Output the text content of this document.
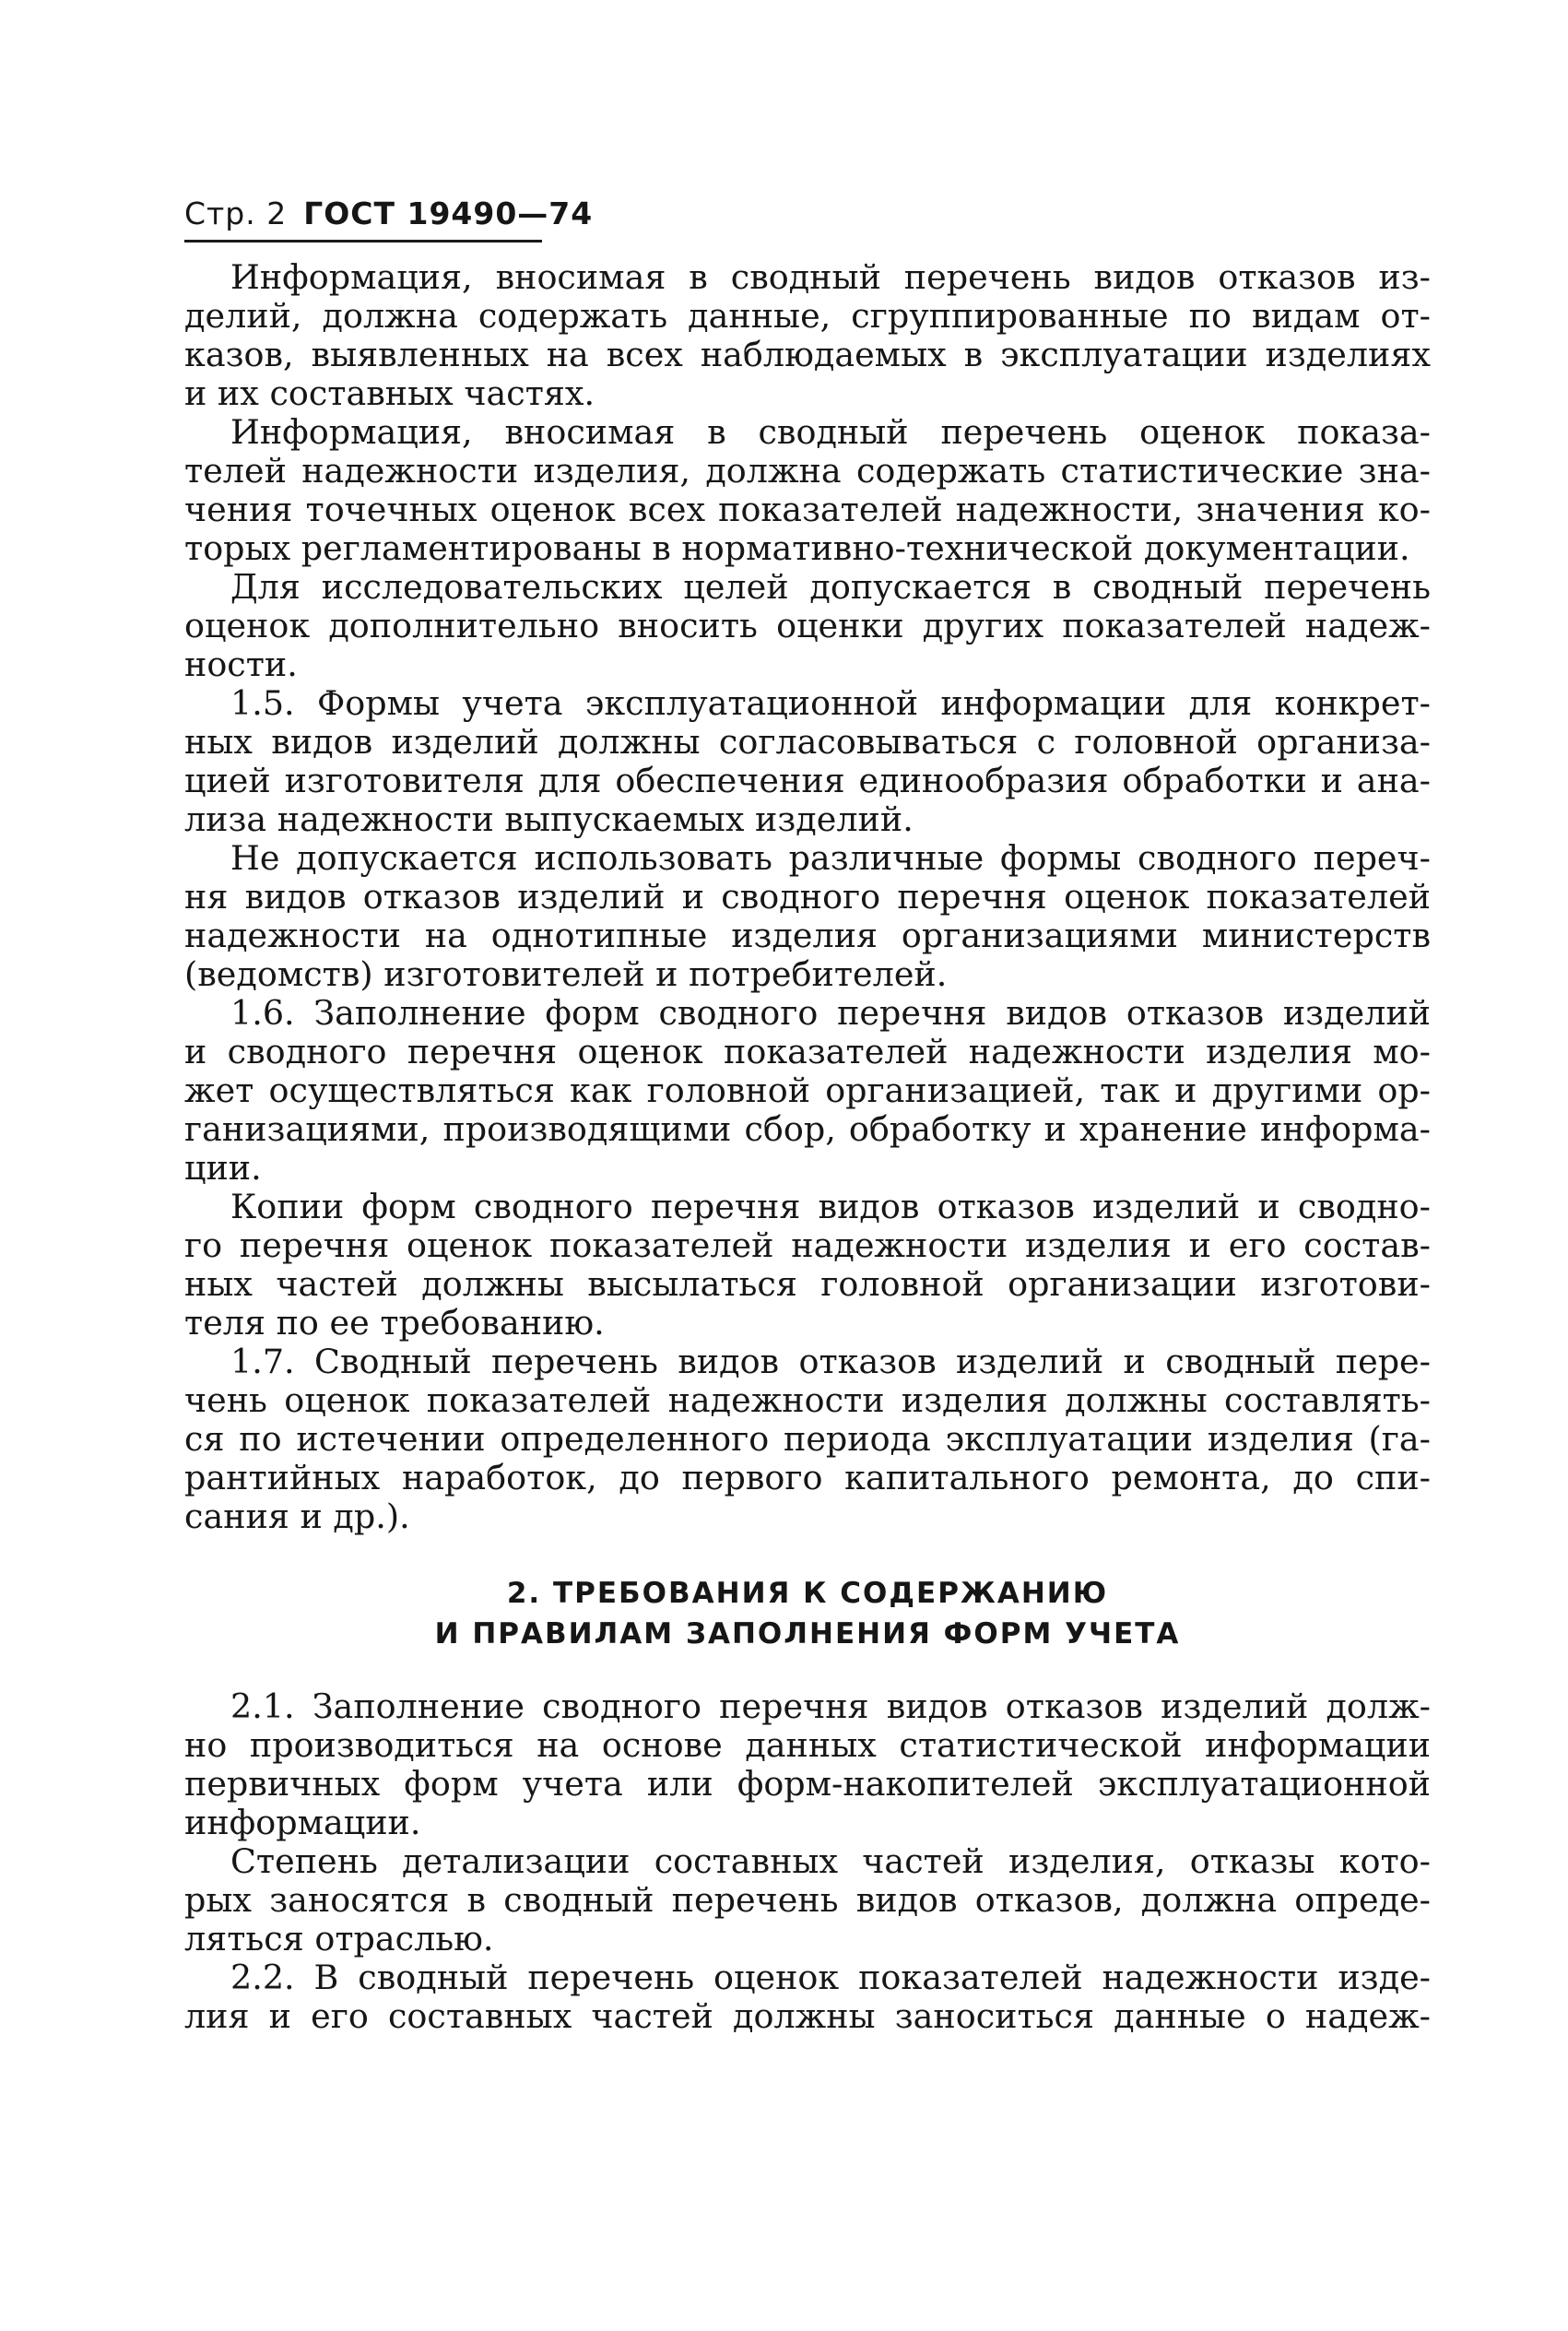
Стр. 2 ГОСТ 19490—74
Информация, вносимая в сводный перечень видов отказов из-
делий, должна содержать данные, сгруппированные по видам от-
казов, выявленных на всех наблюдаемых в эксплуатации изделиях
и их составных частях.
Информация, вносимая в сводный перечень оценок показа-
телей надежности изделия, должна содержать статистические зна-
чения точечных оценок всех показателей надежности, значения ко-
торых регламентированы в нормативно-технической документации.
Для исследовательских целей допускается в сводный перечень
оценок дополнительно вносить оценки других показателей надеж-
ности.
1.5. Формы учета эксплуатационной информации для конкрет-
ных видов изделий должны согласовываться с головной организа-
цией изготовителя для обеспечения единообразия обработки и ана-
лиза надежности выпускаемых изделий.
Не допускается использовать различные формы сводного переч-
ня видов отказов изделий и сводного перечня оценок показателей
надежности на однотипные изделия организациями министерств
(ведомств) изготовителей и потребителей.
1.6. Заполнение форм сводного перечня видов отказов изделий
и сводного перечня оценок показателей надежности изделия мо-
жет осуществляться как головной организацией, так и другими ор-
ганизациями, производящими сбор, обработку и хранение информа-
ции.
Копии форм сводного перечня видов отказов изделий и сводно-
го перечня оценок показателей надежности изделия и его состав-
ных частей должны высылаться головной организации изготови-
теля по ее требованию.
1.7. Сводный перечень видов отказов изделий и сводный пере-
чень оценок показателей надежности изделия должны составлять-
ся по истечении определенного периода эксплуатации изделия (га-
рантийных наработок, до первого капитального ремонта, до спи-
сания и др.).
2. ТРЕБОВАНИЯ К СОДЕРЖАНИЮ
И ПРАВИЛАМ ЗАПОЛНЕНИЯ ФОРМ УЧЕТА
2.1. Заполнение сводного перечня видов отказов изделий долж-
но производиться на основе данных статистической информации
первичных форм учета или форм-накопителей эксплуатационной
информации.
Степень детализации составных частей изделия, отказы кото-
рых заносятся в сводный перечень видов отказов, должна опреде-
ляться отраслью.
2.2. В сводный перечень оценок показателей надежности изде-
лия и его составных частей должны заноситься данные о надеж-
